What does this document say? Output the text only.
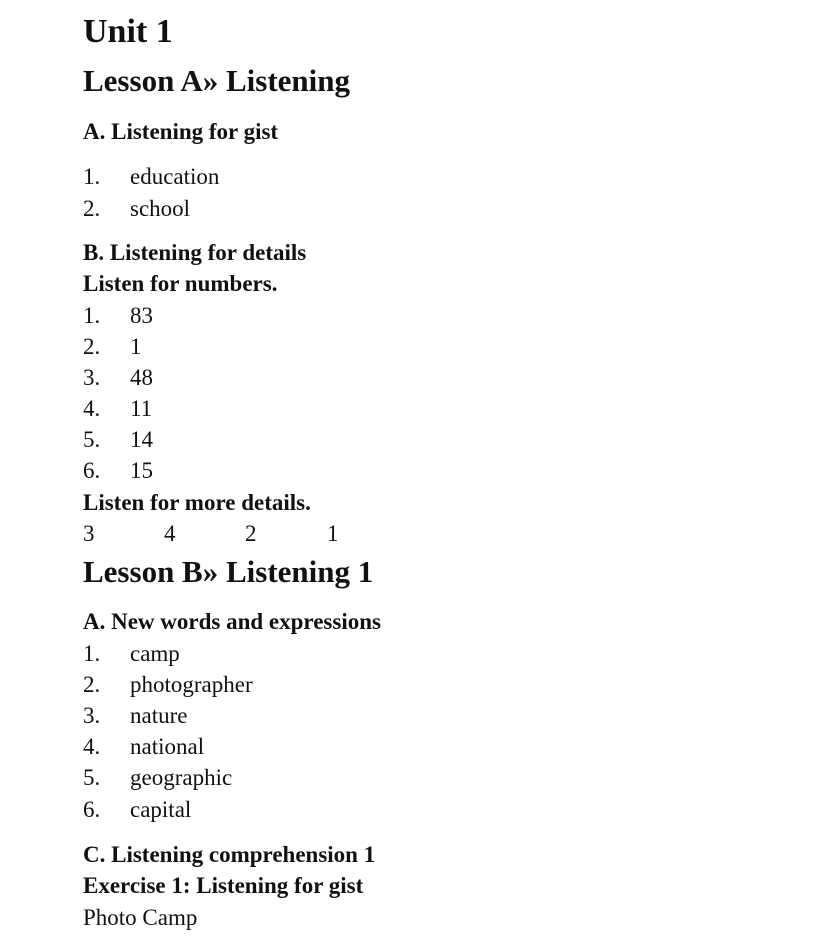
Unit 1
Lesson A» Listening
A. Listening for gist
1. education
2. school
B. Listening for details
Listen for numbers.
1. 83
2. 1
3. 48
4. 11
5. 14
6. 15
Listen for more details.
3	4	2	1
Lesson B» Listening 1
A. New words and expressions
1. camp
2. photographer
3. nature
4. national
5. geographic
6. capital
C. Listening comprehension 1
Exercise 1: Listening for gist
Photo Camp
